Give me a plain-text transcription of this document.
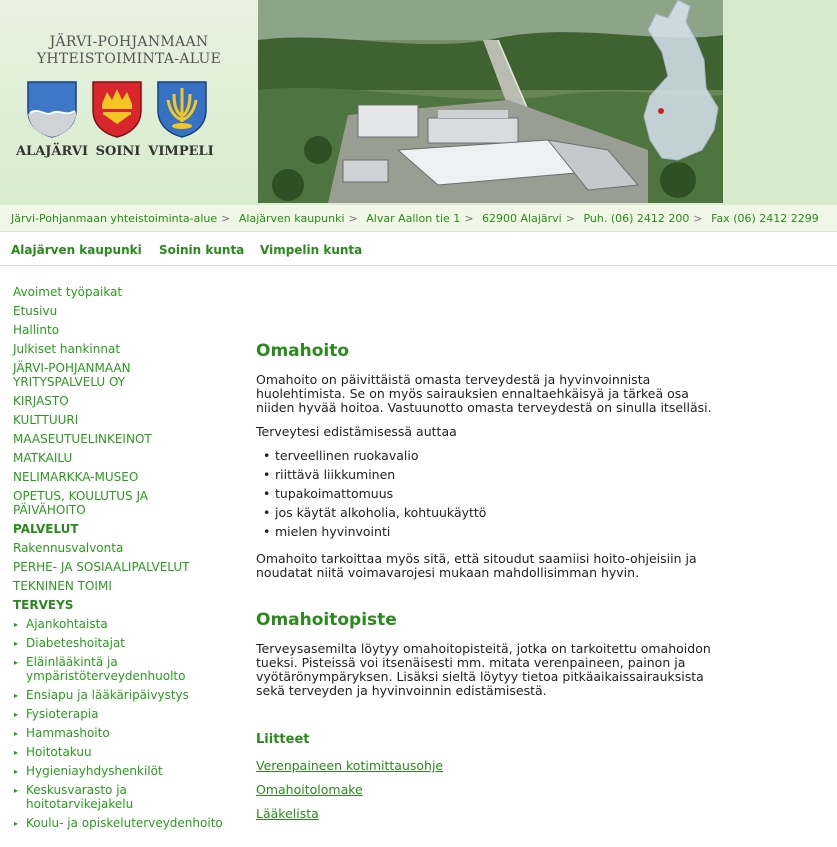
JÄRVI-POHJANMAAN
YHTEISTOIMINTA-ALUE
ALAJÄRVI SOINI VIMPELI
Järvi-Pohjanmaan yhteistoiminta-alue > Alajärven kaupunki > Alvar Aallon tie 1 > 62900 Alajärvi > Puh. (06) 2412 200 > Fax (06) 2412 2299
Alajärven kaupunki Soinin kunta Vimpelin kunta
Avoimet työpaikat
Etusivu
Hallinto
Julkiset hankinnat
JÄRVI-POHJANMAAN YRITYSPALVELU OY
KIRJASTO
KULTTUURI
MAASEUTUELINKEINOT
MATKAILU
NELIMARKKA-MUSEO
OPETUS, KOULUTUS JA PÄIVÄHOITO
PALVELUT
Rakennusvalvonta
PERHE- JA SOSIAALIPALVELUT
TEKNINEN TOIMI
TERVEYS
▸ Ajankohtaista
▸ Diabeteshoitajat
▸ Eläinlääkintä ja ympäristöterveydenhuolto
▸ Ensiapu ja lääkäripäivystys
▸ Fysioterapia
▸ Hammashoito
▸ Hoitotakuu
▸ Hygieniayhdyshenkilöt
▸ Keskusvarasto ja hoitotarvikejakelu
▸ Koulu- ja opiskeluterveydenhoito
Omahoito

Omahoito on päivittäistä omasta terveydestä ja hyvinvoinnista huolehtimista. Se on myös sairauksien ennaltaehkäisyä ja tärkeä osa niiden hyvää hoitoa. Vastuunotto omasta terveydestä on sinulla itselläsi.

Terveytesi edistämisessä auttaa

• terveellinen ruokavalio
• riittävä liikkuminen
• tupakoimattomuus
• jos käytät alkoholia, kohtuukäyttö
• mielen hyvinvointi

Omahoito tarkoittaa myös sitä, että sitoudut saamiisi hoito-ohjeisiin ja noudatat niitä voimavarojesi mukaan mahdollisimman hyvin.

Omahoitopiste

Terveysasemilta löytyy omahoitopisteitä, jotka on tarkoitettu omahoidon tueksi. Pisteissä voi itsenäisesti mm. mitata verenpaineen, painon ja vyötärönympäryksen. Lisäksi sieltä löytyy tietoa pitkäaikaissairauksista sekä terveyden ja hyvinvoinnin edistämisestä.

Liitteet
Verenpaineen kotimittausohje
Omahoitolomake
Lääkelista
